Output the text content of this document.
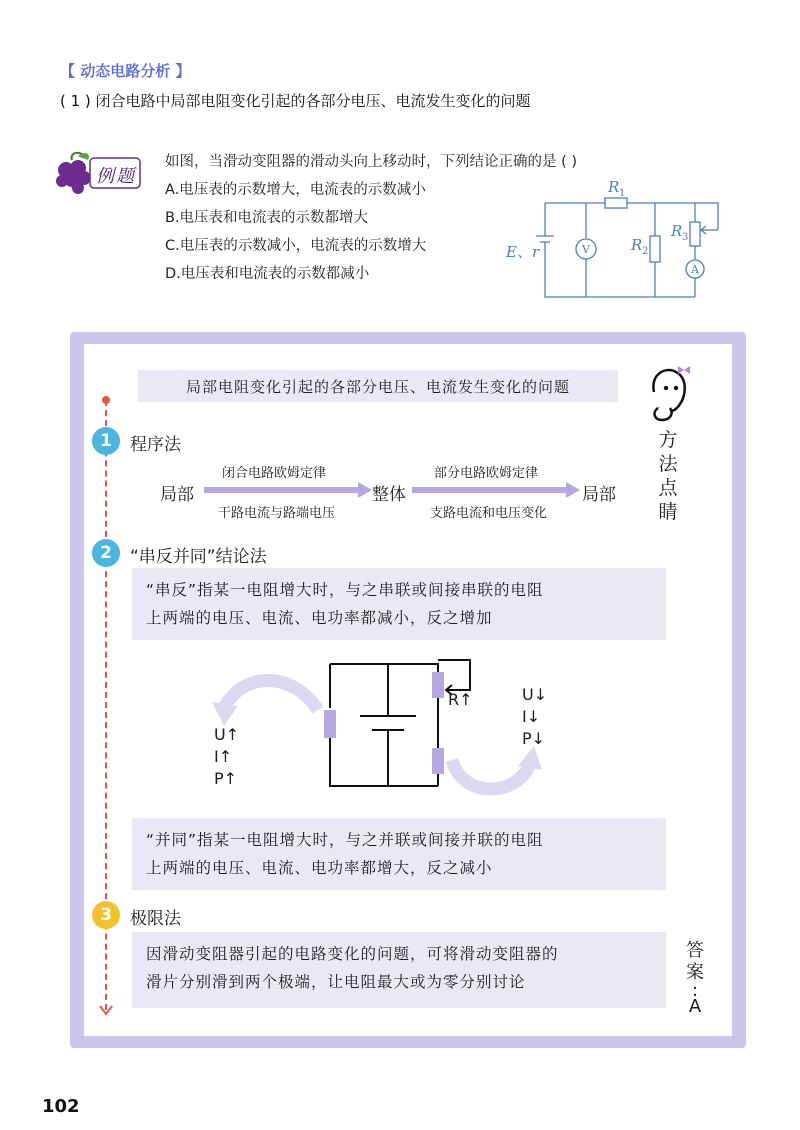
【 动态电路分析 】
( 1 ) 闭合电路中局部电阻变化引起的各部分电压、电流发生变化的问题
例题
如图，当滑动变阻器的滑动头向上移动时，下列结论正确的是 ( )
A.电压表的示数增大，电流表的示数减小
B.电压表和电流表的示数都增大
C.电压表的示数减小，电流表的示数增大
D.电压表和电流表的示数都减小
V
A
R 1
R 2
R 3
E、r
局部电阻变化引起的各部分电压、电流发生变化的问题
方
法
点
睛
1	程序法
局部
闭合电路欧姆定律
干路电流与路端电压
整体
部分电路欧姆定律
支路电流和电压变化
局部
2	“串反并同”结论法
“串反”指某一电阻增大时，与之串联或间接串联的电阻
上两端的电压、电流、电功率都减小，反之增加
R↑
U↑
I↑
P↑
U↓
I↓
P↓
“并同”指某一电阻增大时，与之并联或间接并联的电阻
上两端的电压、电流、电功率都增大，反之减小
3	极限法
因滑动变阻器引起的电路变化的问题，可将滑动变阻器的
滑片分别滑到两个极端，让电阻最大或为零分别讨论
答
案
:
A
102
